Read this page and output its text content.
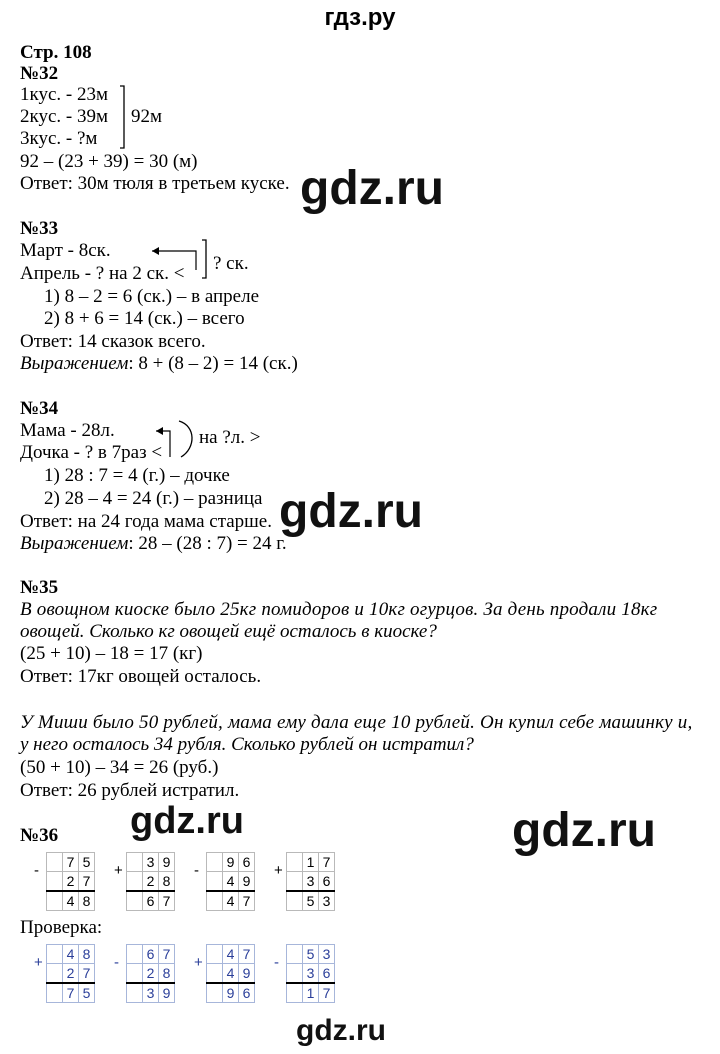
гдз.ру
Стр. 108
№32
1кус. - 23м
2кус. - 39м
3кус. - ?м
92м
92 – (23 + 39) = 30 (м)
Ответ: 30м тюля в третьем куске.
№33
Март - 8ск.
Апрель - ? на 2 ск. < ? ск.
1) 8 – 2 = 6 (ск.) – в апреле
2) 8 + 6 = 14 (ск.) – всего
Ответ: 14 сказок всего.
Выражением: 8 + (8 – 2) = 14 (ск.)
№34
Мама - 28л.
Дочка - ? в 7раз <
на ?л. >
1) 28 : 7 = 4 (г.) – дочке
2) 28 – 4 = 24 (г.) – разница
Ответ: на 24 года мама старше.
Выражением: 28 – (28 : 7) = 24 г.
№35
В овощном киоске было 25кг помидоров и 10кг огурцов. За день продали 18кг
овощей. Сколько кг овощей ещё осталось в киоске?
(25 + 10) – 18 = 17 (кг)
Ответ: 17кг овощей осталось.
У Миши было 50 рублей, мама ему дала еще 10 рублей. Он купил себе машинку и,
у него осталось 34 рубля. Сколько рублей он истратил?
(50 + 10) – 34 = 26 (руб.)
Ответ: 26 рублей истратил.
№36
Проверка:
-
	7	5
	2	7
	4	8
+
	3	9
	2	8
	6	7
-
	9	6
	4	9
	4	7
+
	1	7
	3	6
	5	3
+
	4	8
	2	7
	7	5
-
	6	7
	2	8
	3	9
+
	4	7
	4	9
	9	6
-
	5	3
	3	6
	1	7
gdz.ru
gdz.ru
gdz.ru	gdz.ru
gdz.ru
